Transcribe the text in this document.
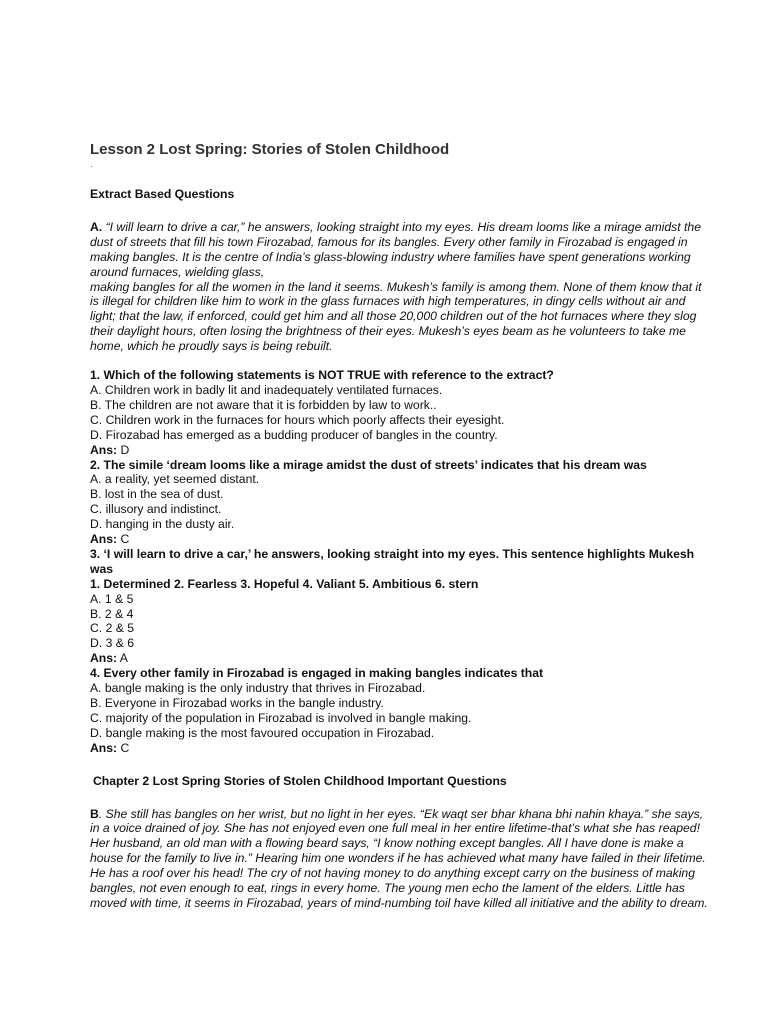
Lesson 2 Lost Spring: Stories of Stolen Childhood
.
Extract Based Questions
A. “I will learn to drive a car,” he answers, looking straight into my eyes. His dream looms like a mirage amidst the dust of streets that fill his town Firozabad, famous for its bangles. Every other family in Firozabad is engaged in making bangles. It is the centre of India’s glass-blowing industry where families have spent generations working around furnaces, wielding glass,
making bangles for all the women in the land it seems. Mukesh’s family is among them. None of them know that it is illegal for children like him to work in the glass furnaces with high temperatures, in dingy cells without air and light; that the law, if enforced, could get him and all those 20,000 children out of the hot furnaces where they slog their daylight hours, often losing the brightness of their eyes. Mukesh’s eyes beam as he volunteers to take me home, which he proudly says is being rebuilt.
1. Which of the following statements is NOT TRUE with reference to the extract?
A. Children work in badly lit and inadequately ventilated furnaces.
B. The children are not aware that it is forbidden by law to work..
C. Children work in the furnaces for hours which poorly affects their eyesight.
D. Firozabad has emerged as a budding producer of bangles in the country.
Ans: D
2. The simile ‘dream looms like a mirage amidst the dust of streets’ indicates that his dream was
A. a reality, yet seemed distant.
B. lost in the sea of dust.
C. illusory and indistinct.
D. hanging in the dusty air.
Ans: C
3. ‘I will learn to drive a car,’ he answers, looking straight into my eyes. This sentence highlights Mukesh was
1. Determined 2. Fearless 3. Hopeful 4. Valiant 5. Ambitious 6. stern
A. 1 & 5
B. 2 & 4
C. 2 & 5
D. 3 & 6
Ans: A
4. Every other family in Firozabad is engaged in making bangles indicates that
A. bangle making is the only industry that thrives in Firozabad.
B. Everyone in Firozabad works in the bangle industry.
C. majority of the population in Firozabad is involved in bangle making.
D. bangle making is the most favoured occupation in Firozabad.
Ans: C
Chapter 2 Lost Spring Stories of Stolen Childhood Important Questions
B. She still has bangles on her wrist, but no light in her eyes. “Ek waqt ser bhar khana bhi nahin khaya.” she says, in a voice drained of joy. She has not enjoyed even one full meal in her entire lifetime-that’s what she has reaped! Her husband, an old man with a flowing beard says, “I know nothing except bangles. All I have done is make a house for the family to live in.” Hearing him one wonders if he has achieved what many have failed in their lifetime. He has a roof over his head! The cry of not having money to do anything except carry on the business of making bangles, not even enough to eat, rings in every home. The young men echo the lament of the elders. Little has moved with time, it seems in Firozabad, years of mind-numbing toil have killed all initiative and the ability to dream.
